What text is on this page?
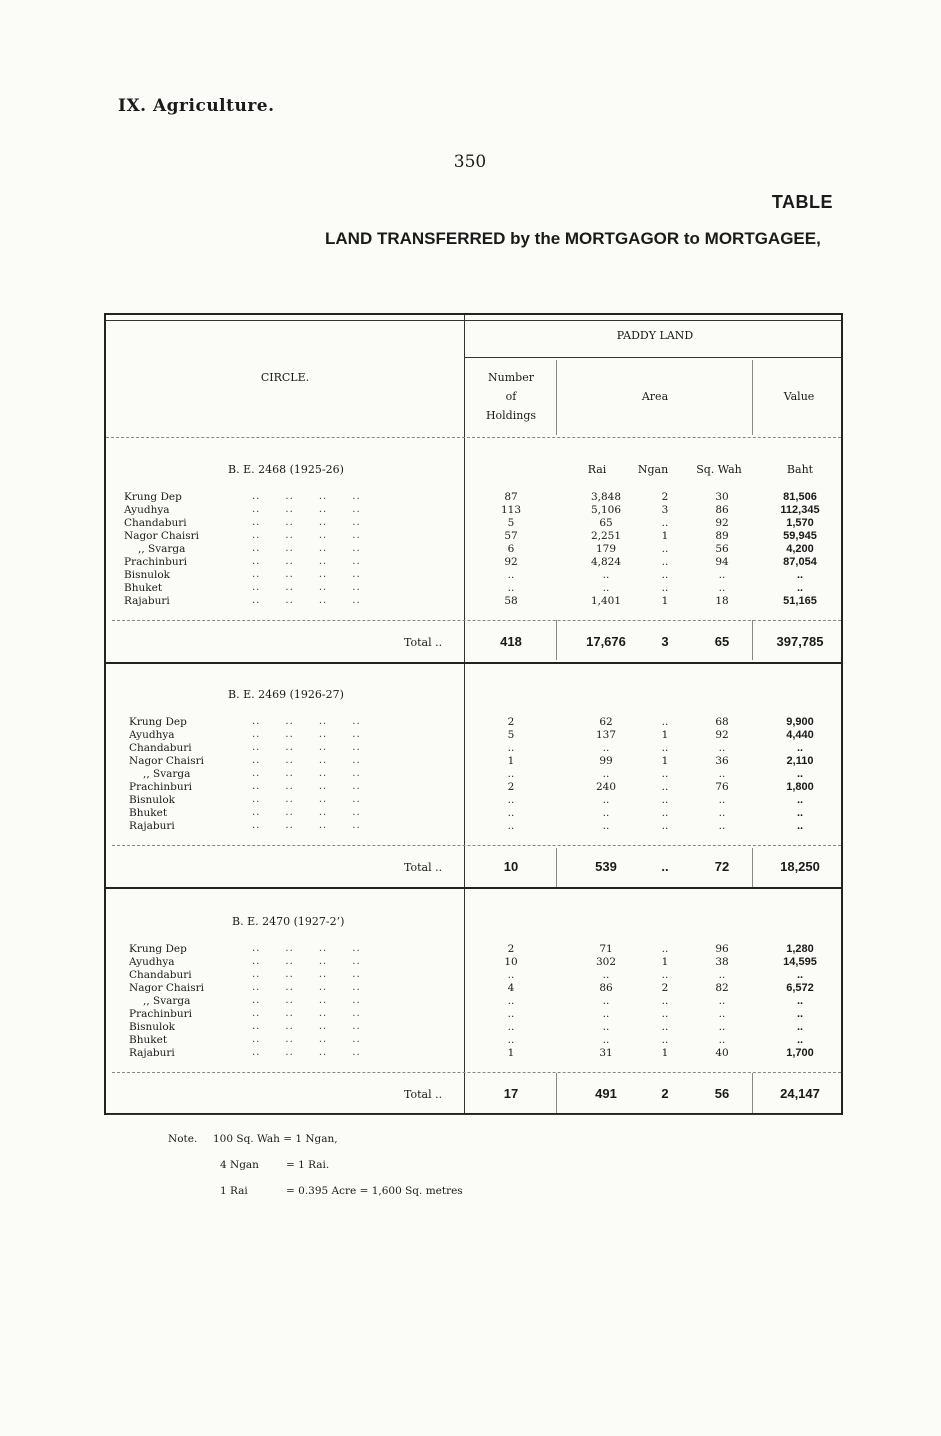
IX. Agriculture.
350
TABLE
LAND TRANSFERRED by the MORTGAGOR to MORTGAGEE,
CIRCLE.
PADDY LAND
Number
of
Holdings
Area	Value
B. E. 2468 (1925-26)	Rai	Ngan	Sq. Wah	Baht
Krung Dep	..      ..      ..      ..	87	3,848	2	30	81,506
Ayudhya	..      ..      ..      ..	113	5,106	3	86	112,345
Chandaburi	..      ..      ..      ..	5	65	..	92	1,570
Nagor Chaisri	..      ..      ..      ..	57	2,251	1	89	59,945
,, Svarga	..      ..      ..      ..	6	179	..	56	4,200
Prachinburi	..      ..      ..      ..	92	4,824	..	94	87,054
Bisnulok	..      ..      ..      ..	..	..	..	..	..
Bhuket	..      ..      ..      ..	..	..	..	..	..
Rajaburi	..      ..      ..      ..	58	1,401	1	18	51,165
Total ..	418	17,676	3	65	397,785
B. E. 2469 (1926-27)
Krung Dep	..      ..      ..      ..	2	62	..	68	9,900
Ayudhya	..      ..      ..      ..	5	137	1	92	4,440
Chandaburi	..      ..      ..      ..	..	..	..	..	..
Nagor Chaisri	..      ..      ..      ..	1	99	1	36	2,110
,, Svarga	..      ..      ..      ..	..	..	..	..	..
Prachinburi	..      ..      ..      ..	2	240	..	76	1,800
Bisnulok	..      ..      ..      ..	..	..	..	..	..
Bhuket	..      ..      ..      ..	..	..	..	..	..
Rajaburi	..      ..      ..      ..	..	..	..	..	..
Total ..	10	539	..	72	18,250
B. E. 2470 (1927-2’)
Krung Dep	..      ..      ..      ..	2	71	..	96	1,280
Ayudhya	..      ..      ..      ..	10	302	1	38	14,595
Chandaburi	..      ..      ..      ..	..	..	..	..	..
Nagor Chaisri	..      ..      ..      ..	4	86	2	82	6,572
,, Svarga	..      ..      ..      ..	..	..	..	..	..
Prachinburi	..      ..      ..      ..	..	..	..	..	..
Bisnulok	..      ..      ..      ..	..	..	..	..	..
Bhuket	..      ..      ..      ..	..	..	..	..	..
Rajaburi	..      ..      ..      ..	1	31	1	40	1,700
Total ..	17	491	2	56	24,147
Note. 100 Sq. Wah = 1 Ngan,
4 Ngan	= 1 Rai.
1 Rai	= 0.395 Acre = 1,600 Sq. metres
